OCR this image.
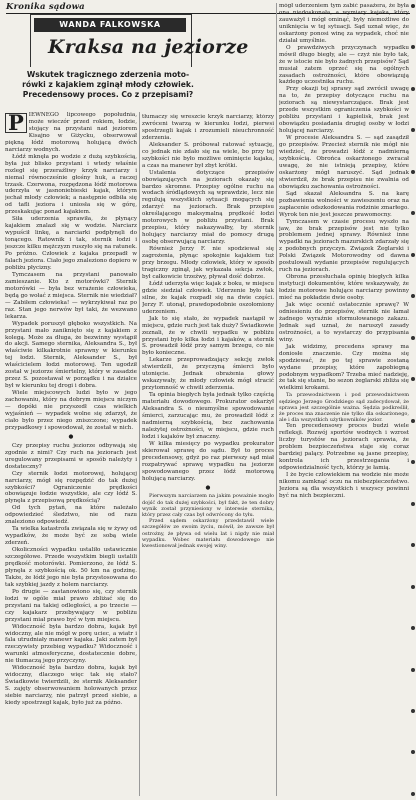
Kronika sądowa
WANDA FALKOWSKA
Kraksa na jeziorze

Wskutek tragicznego zderzenia moto-

rówki z kajakiem zginął młody człowiek.

Precedensowy proces. Co z przepisami?

P IEWNEGO lipcowego popołudnia, może wieczór przed rokiem, łodzie, stojący na przystani nad jeziorem Kisajno w Giżycku, obserwował piękną łódź motorową holującą dwóch narciarzy wodnych.

Łódź mknęła po wodzie z dużą szybkością, była już blisko przystani i wtedy właśnie rozległ się przeraźliwy krzyk narciarzy i niemal równocześnie głośny huk, a raczej trzask. Czerwona, rozpędzona łódź motorowa uderzyła w jasnoniebieski kajak, którym jechał młody człowiek; a następnie odbiła się od tafli jeziora i uniosła się w górę, przeskakując ponad kajakiem.

Siła uderzenia sprawiła, że płynący kajakiem znalazł się w wodzie. Narciarz wypuścił linkę, a narciarki podpłynęli do tonącego. Ratownik i tak, sternik łodzi i jeszcze kilku mężczyzn ruszyło się na ratunek. Po próżno. Człowiek z kajaka przepadł w falach jeziora. Ciało jego znaleziono dopiero w pobliżu płycizny.

Tymczasem na przystani panowało zamieszanie. Kto z motorówki? Sternik motorówki — była bez wrażenie człowieka, będą go wołać z miejsca. Sternik nie wiedział? — Zabiłem człowieka! — wykrzykiwał raz po raz. Stan jego nerwów był taki, że wezwano lekarza.

Wypadek poruszył głęboko wszystkich. Na przystani mało zaniknięto się z kajakiem z kolegą. Może za długa, że bezwinny wystąpił do akcji. Samego sternika, Aleksandra S., był właściwie kilkakrotnie sprawny w kierunku tej łodzi. Sternik, Aleksander S., był właścicielem łodzi motorowej. Ten ugodził został w jeziorze śmiertelny, który w zasadzie przez S. pozostawał w porządku i na działce był w kierunku tej drogi i dobra.

Wiele miejscowych ludzi było w jego zachowaniu, który na dobrym miejscu niczym — dopóki nie przyszedł czas wielkich wyjaśnień — wypadek wolne się zdarzył, że ciało było przez niego zniszczone; wypadek przypadkowy i spowodował, że został w nich.

●

Czy przepisy ruchu jeziorze odbywają się zgodnie z nimi? Czy ruch na jeziorach jest uregulowany przepisami w sposób należyty i dostateczny?

Czy sternik łodzi motorowej, holującej narciarzy, mógł się rozpędzić do tak dużej szybkości? Ograniczenie prędkości obowiązuje łodzie wszystkie, ale czy łódź S. płynęła z przepisową prędkością?

Od tych pytań, na które należało odpowiedzieć śledztwo, nie od razu znaleziono odpowiedź.

Ta wielka katastrofa związała się w żywy od wypadków, że może być ze sobą wiele zderzeń.

Okoliczności wypadku ustaliło ustawicznie szczegółowe. Przede wszystkim biegli ustalili prędkość motorówki. Pomierzono, że łódź S. płynęła z szybkością ok. 50 km na godzinę. Także, że łódź jego nie była przystosowana do tak szybkiej jazdy z holem narciarzy.

Po drugie — zastanowiono się, czy sternik łodzi w ogóle miał prawo zbliżać się do przystani na takiej odległości, a po trzecie — czy kajakarz przebywający w pobliżu przystani miał prawo być w tym miejscu.

Widoczność była bardzo dobra, kajak był widoczny, ale nie mógł w porę uciec, a wiatr i fala utrudniały manewr kajaka. Jaki zatem był rzeczywisty przebieg wypadku? Widoczność i warunki atmosferyczne, dostatecznie dobre, nie tłumaczą jego przyczyny.

Widoczność była bardzo dobra, kajak był widoczny, dlaczego więc tak się stało? Świadkowie twierdzili, że sternik Aleksander S. zajęty obserwowaniem holowanych przez siebie narciarzy, nie patrzył przed siebie, a kiedy spostrzegł kajak, było już za późno.

tłumaczy się wreszcie krzyk narciarzy, którzy zwróceni twarzą w kierunku łodzi, pierwsi spostrzegli kajak i zrozumieli nieuchronność zderzenia.

Aleksander S. próbował ratować sytuację, co jednak nie zdało się na wiele, bo przy tej szybkości nie było możliwe ominięcie kajaka, a czas na manewr był zbyt krótki.

Ustalenia dotyczące przepisów obowiązujących na jeziorach okazały się bardzo skromne. Przepisy ogólne ruchu na wodach śródlądowych są wprawdzie, lecz nie regulują wszystkich sytuacji mogących się zdarzyć na jeziorach. Brak przepisu określającego maksymalną prędkość łodzi motorowych w pobliżu przystani. Brak przepisu, który nakazywałby, by sternik holujący narciarzy miał do pomocy drugą osobę obserwującą narciarzy.

Również Jerzy F. nie spodziewał się zagrożenia, płynąc spokojnie kajakiem tuż przy brzegu. Młody człowiek, który w sposób tragiczny zginął, jak wykazała sekcja zwłok, był całkowicie trzeźwy, pływał dość dobrze.

Łódź uderzyła więc kajak z boku, w miejscu gdzie siedział człowiek. Uderzenie było tak silne, że kajak rozpadł się na dwie części. Jerzy F. utonął, prawdopodobnie oszołomiony uderzeniem.

Jak to się stało, że wypadek nastąpił w miejscu, gdzie ruch jest tak duży? Świadkowie zeznali, że w chwili wypadku w pobliżu przystani było kilka łodzi i kajaków, a sternik S. prowadził łódź przy samym brzegu, co nie było konieczne.

Lekarze przeprowadzający sekcję zwłok stwierdzili, że przyczyną śmierci było utonięcie. Jednak obrażenia głowy wskazywały, że młody człowiek mógł stracić przytomność w chwili zderzenia.

Ta opinia biegłych była jednak tylko częścią materiału dowodowego. Prokurator oskarżył Aleksandra S. o nieumyślne spowodowanie śmierci, zarzucając mu, że prowadził łódź z nadmierną szybkością, bez zachowania należytej ostrożności, w miejscu, gdzie ruch łodzi i kajaków był znaczny.

W kilka miesięcy po wypadku prokurator skierował sprawę do sądu. Był to proces precedensowy, gdyż po raz pierwszy sąd miał rozpatrywać sprawę wypadku na jeziorze spowodowanego przez łódź motorową holującą narciarzy.

●

Pierwszym narciarzem na jakim poważnie mogło dojść do tak dużej szybkości, był fakt, że ten dobry wynik został przyniesiony w interesie sternika, który przez cały czas był odwrócony do tyłu.

Przed sądem oskarżony przedstawił wiele szczegółów ze swoim życiu, mówił, że zawsze był ostrożny, że pływa od wielu lat i nigdy nie miał wypadku. Wobec materiału dowodowego nie kwestionował jednak swojej winy.

mógł uderzeniem tym zabić pasażera, że była ona niedoskonała, a wymiary kajaka, który zauważył i mógł ominąć, były niemożliwe do uniknięcia w tej sytuacji. Sąd uznał więc, że oskarżony ponosi winę za wypadek, choć nie działał umyślnie.

O prawdziwych przyczynach wypadku mówił długo biegły, ale — czyż nie było tak, że w istocie nie było żadnych przepisów? Sąd musiał zatem oprzeć się na ogólnych zasadach ostrożności, które obowiązują każdego uczestnika ruchu.

Przy okazji tej sprawy sąd zwrócił uwagę na to, że przepisy dotyczące ruchu na jeziorach są niewystarczające. Brak jest przede wszystkim ograniczenia szybkości w pobliżu przystani i kąpielisk, brak jest obowiązku posiadania drugiej osoby w łodzi holującej narciarzy.

W procesie Aleksandra S. — sąd zasądził go przepisów. Przecież sternik nie mógł nie wiedzieć, że prowadzi łódź z nadmierną szybkością. Obrońca oskarżonego zwracał uwagę, że nie istnieją przepisy, które oskarżony mógł naruszyć. Sąd jednak stwierdził, że brak przepisu nie zwalnia od obowiązku zachowania ostrożności.

Sąd skazał Aleksandra S. na karę pozbawienia wolności w zawieszeniu oraz na zapłacenie odszkodowania rodzinie zmarłego. Wyrok ten nie jest jeszcze prawomocny.

Tymczasem w czasie procesu wyszło na jaw, że brak przepisów jest nie tylko problemem jednej sprawy. Również inne wypadki na jeziorach mazurskich zdarzały się z podobnych przyczyn. Związek Żeglarski i Polski Związek Motorowodny od dawna postulowali wydanie przepisów regulujących ruch na jeziorach.

Obrona przesłuchała opinię biegłych kilka instytucji dokumentów, które wskazywały, że łodzie motorowe holujące narciarzy powinny mieć na pokładzie dwie osoby.

Jak więc ocenić ostatecznie sprawę? W odniesieniu do przepisów, sternik nie łamał żadnego wyraźnie sformułowanego zakazu. Jednak sąd uznał, że naruszył zasady ostrożności, a to wystarczy do przypisania winy.

Jak widzimy, precedens sprawy ma doniosłe znaczenie. Czy można się spodziewać, że po tej sprawie zostaną wydane przepisy, które zapobiegną podobnym wypadkom? Trzeba mieć nadzieję, że tak się stanie, bo sezon żeglarski zbliża się wielkimi krokami.

Ta przewodnictwem i pod przewodnictwem sędziego Jerzego Grodzkiego sąd zadecydował, że sprawa jest szczególnie ważna. Sędzia podkreślił, że proces ma znaczenie nie tylko dla oskarżonego, ale i dla wszystkich użytkowników jezior.

Ten precedensowy proces budzi wiele refleksji. Rozwój sportów wodnych i wzrost liczby turystów na jeziorach sprawia, że problem bezpieczeństwa staje się coraz bardziej palący. Potrzebne są jasne przepisy, kontrola ich przestrzegania i odpowiedzialność tych, którzy je łamią.

I że bycie człowiekiem na wodzie nie może nikomu zamknąć oczu na niebezpieczeństwo. Jeziora są dla wszystkich i wszyscy powinni być na nich bezpieczni.
